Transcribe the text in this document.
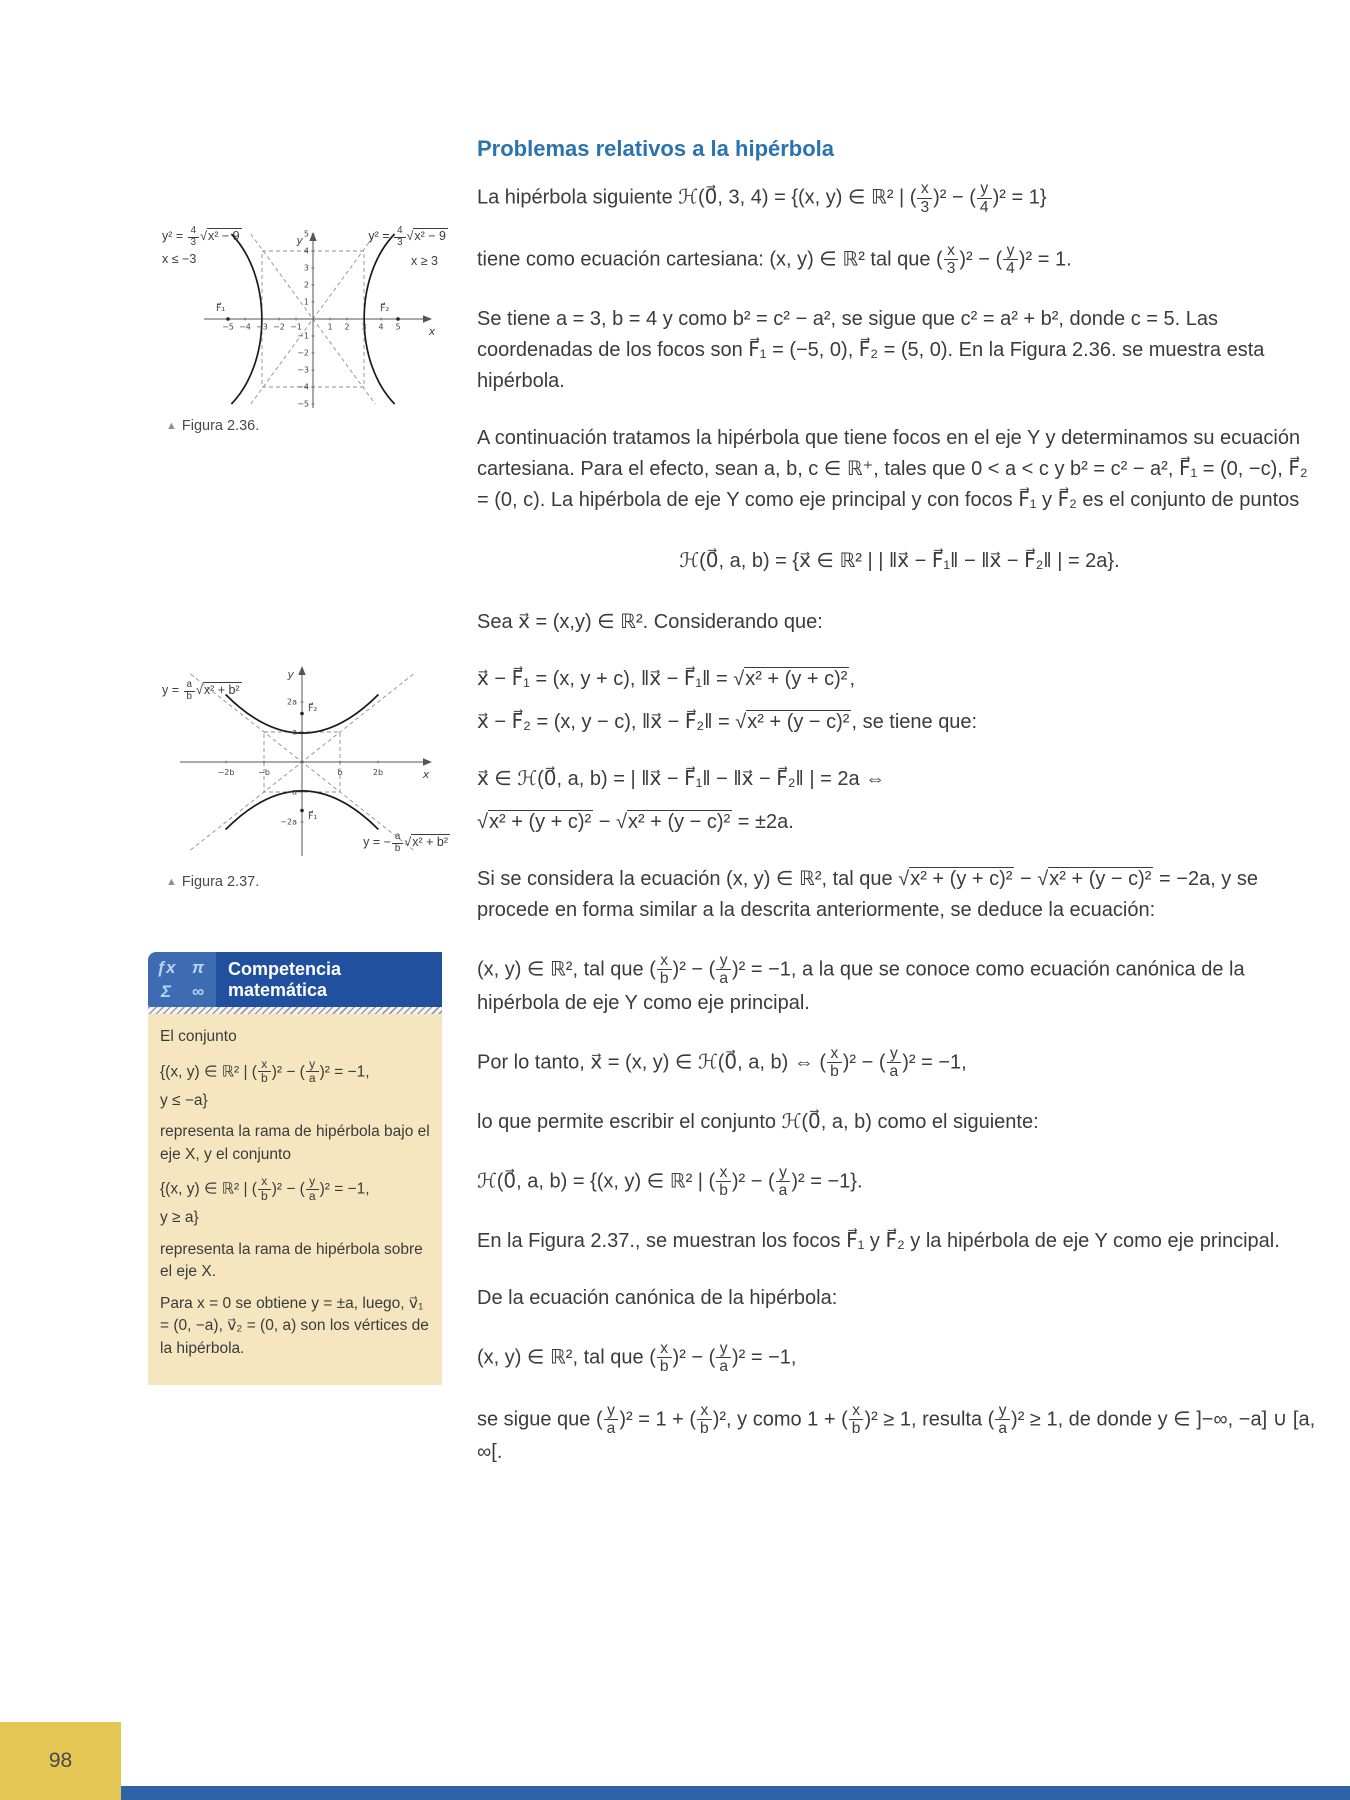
F⃗₁	F⃗₂
x
y
−5 −4 −3 −2 −1	1 2 3 4 5
5
4
3
2
1
−1
−2
−3
−4
−5
$y^2 = \frac{4}{3} √x^2 - 9$
x ≤ −3
$y^2 = \frac{4}{3} √x^2 - 9$
x ≥ 3
▲ Figura 2.36.
F⃗₂
F⃗₁
x
y
−2b	−b	b	2b
2a
a
−a
−2a
$y = \frac{a}{b} √x^2 + b^2$
y = − $\frac{a}{b} √x^2 + b^2$
▲ Figura 2.37.
ƒx π
Σ ∞
Competencia
matemática

El conjunto

{(x, y) ∈ ℝ² | ( $\frac{x}{b} )^2$ − ( $\frac{y}{a} )^2 = -1$,

y ≤ −a}

representa la rama de hipérbola bajo el eje X, y el conjunto

{(x, y) ∈ ℝ² | ( $\frac{x}{b} )^2$ − ( $\frac{y}{a} )^2 = -1$,

y ≥ a}

representa la rama de hipérbola sobre el eje X.

Para x = 0 se obtiene y = ±a, luego, v⃗₁ = (0, −a), v⃗₂ = (0, a) son los vértices de la hipérbola.

Problemas relativos a la hipérbola

La hipérbola siguiente ℋ(0⃗, 3, 4) = {(x, y) ∈ ℝ² | ( $\frac{x}{3} )^2$ − ( $\frac{y}{4} )^2 = 1$}

tiene como ecuación cartesiana: (x, y) ∈ ℝ² tal que ( $\frac{x}{3} )^2$ − ( $\frac{y}{4} )^2 = 1$.

Se tiene a = 3, b = 4 y como b² = c² − a², se sigue que c² = a² + b², donde c = 5. Las coordenadas de los focos son F⃗₁ = (−5, 0), F⃗₂ = (5, 0). En la Figura 2.36. se muestra esta hipérbola.

A continuación tratamos la hipérbola que tiene focos en el eje Y y determinamos su ecuación cartesiana. Para el efecto, sean a, b, c ∈ ℝ⁺, tales que 0 < a < c y b² = c² − a², F⃗₁ = (0, −c), F⃗₂ = (0, c). La hipérbola de eje Y como eje principal y con focos F⃗₁ y F⃗₂ es el conjunto de puntos

ℋ(0⃗, a, b) = {x⃗ ∈ ℝ² | | ‖x⃗ − F⃗₁‖ − ‖x⃗ − F⃗₂‖ | = 2a}.

Sea x⃗ = (x,y) ∈ ℝ². Considerando que:

x⃗ − F⃗₁ = (x, y + c), ‖x⃗ − F⃗₁‖ = √x² + (y + c)² ,

x⃗ − F⃗₂ = (x, y − c), ‖x⃗ − F⃗₂‖ = √x² + (y − c)² , se tiene que:

x⃗ ∈ ℋ(0⃗, a, b) = | ‖x⃗ − F⃗₁‖ − ‖x⃗ − F⃗₂‖ | = 2a ⇔

√x² + (y + c)² − √x² + (y − c)² = ±2a.

Si se considera la ecuación (x, y) ∈ ℝ², tal que √x² + (y + c)² − √x² + (y − c)² = −2a, y se procede en forma similar a la descrita anteriormente, se deduce la ecuación:

(x, y) ∈ ℝ², tal que ( $\frac{x}{b} )^2$ − ( $\frac{y}{a} )^2 = -1$, a la que se conoce como ecuación canónica de la hipérbola de eje Y como eje principal.

Por lo tanto, x⃗ = (x, y) ∈ ℋ(0⃗, a, b) ⇔ ( $\frac{x}{b} )^2$ − ( $\frac{y}{a} )^2 = -1$,

lo que permite escribir el conjunto ℋ(0⃗, a, b) como el siguiente:

ℋ(0⃗, a, b) = {(x, y) ∈ ℝ² | ( $\frac{x}{b} )^2$ − ( $\frac{y}{a} )^2 = -1$}.

En la Figura 2.37., se muestran los focos F⃗₁ y F⃗₂ y la hipérbola de eje Y como eje principal.

De la ecuación canónica de la hipérbola:

(x, y) ∈ ℝ², tal que ( $\frac{x}{b} )^2$ − ( $\frac{y}{a} )^2 = -1$,

se sigue que ( $\frac{y}{a} )^2 = 1$ + ( $\frac{x}{b} )^2$, y como 1 + ( $\frac{x}{b} )^2 \ge 1$, resulta ( $\frac{y}{a} )^2 \ge 1$, de donde y ∈ ]−∞, −a] ∪ [a, ∞[.

98
